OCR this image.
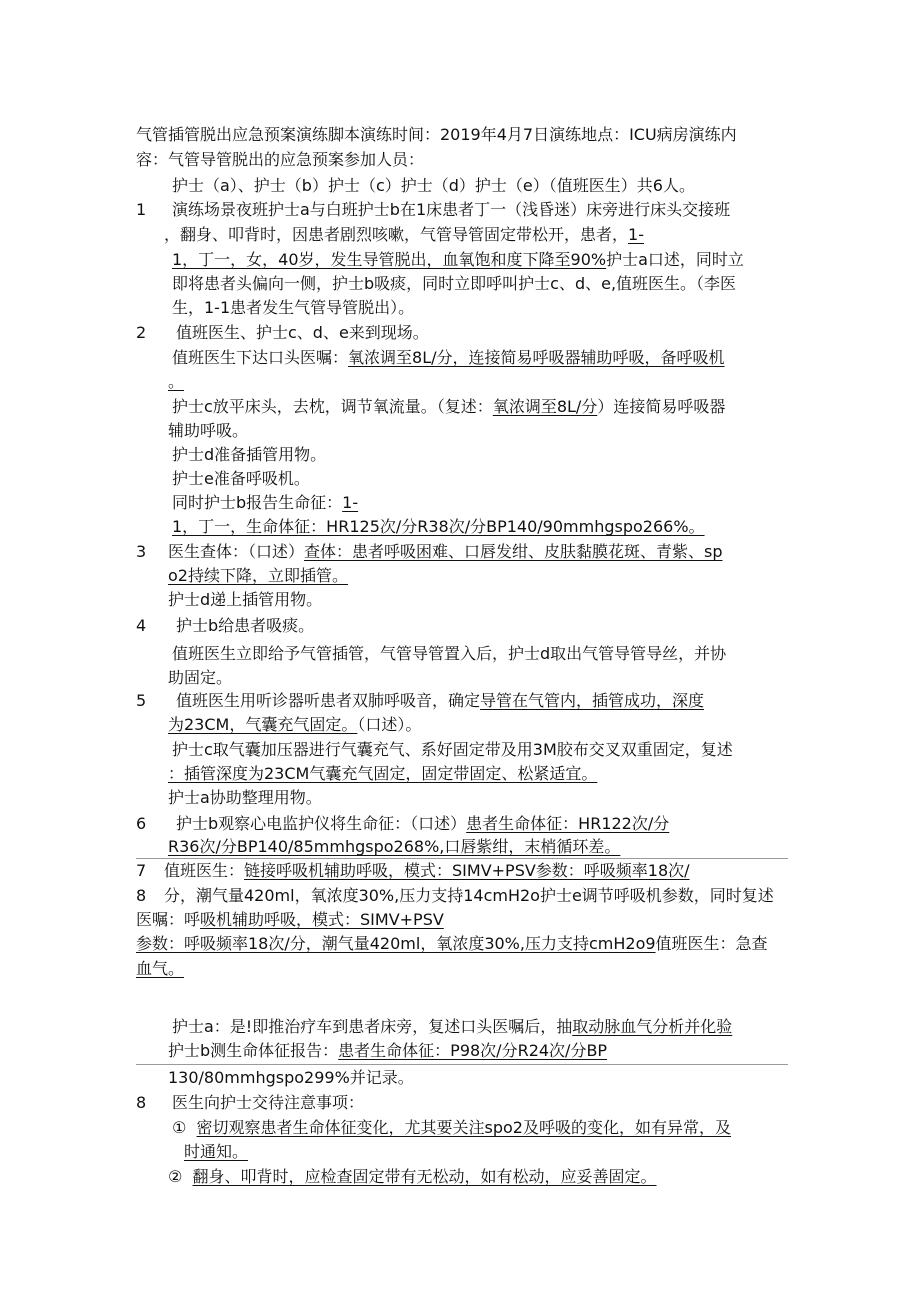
气管插管脱出应急预案演练脚本演练时间：2019年4月7日演练地点：ICU病房演练内
容：气管导管脱出的应急预案参加人员：
护士（a）、护士（b）护士（c）护士（d）护士（e）（值班医生）共6人。
1 演练场景夜班护士a与白班护士b在1床患者丁一（浅昏迷）床旁进行床头交接班
，翻身、叩背时，因患者剧烈咳嗽，气管导管固定带松开，患者，1-
1，丁一，女，40岁，发生导管脱出，血氧饱和度下降至90%护士a口述，同时立
即将患者头偏向一侧，护士b吸痰，同时立即呼叫护士c、d、e,值班医生。（李医
生，1-1患者发生气管导管脱出）。
2 值班医生、护士c、d、e来到现场。
值班医生下达口头医嘱：氧浓调至8L/分，连接简易呼吸器辅助呼吸，备呼吸机
。
护士c放平床头，去枕，调节氧流量。（复述：氧浓调至8L/分）连接简易呼吸器
辅助呼吸。
护士d准备插管用物。
护士e准备呼吸机。
同时护士b报告生命征：1-
1，丁一，生命体征：HR125次∕分R38次/分BP140/90mmhgspo266%。
3 医生查体：（口述）查体：患者呼吸困难、口唇发绀、皮肤黏膜花斑、青紫、sp
o2持续下降，立即插管。
护士d递上插管用物。
4 护士b给患者吸痰。
值班医生立即给予气管插管，气管导管置入后，护士d取出气管导管导丝，并协
助固定。
5 值班医生用听诊器听患者双肺呼吸音，确定导管在气管内，插管成功，深度
为23CM，气囊充气固定。（口述）。
护士c取气囊加压器进行气囊充气、系好固定带及用3M胶布交叉双重固定，复述
：插管深度为23CM气囊充气固定，固定带固定、松紧适宜。
护士a协助整理用物。
6 护士b观察心电监护仪将生命征：（口述）患者生命体征：HR122次∕分
R36次/分BP140/85mmhgspo268%,口唇紫绀，末梢循环差。
7 值班医生：链接呼吸机辅助呼吸，模式：SIMV+PSV参数：呼吸频率18次∕
8 分，潮气量420ml，氧浓度30%,压力支持14cmH2o护士e调节呼吸机参数，同时复述
医嘱：呼吸机辅助呼吸，模式：SIMV+PSV
参数：呼吸频率18次/分，潮气量420ml，氧浓度30%,压力支持cmH2o9值班医生：急查
血气。
护士a：是!即推治疗车到患者床旁，复述口头医嘱后，抽取动脉血气分析并化验
护士b测生命体征报告：患者生命体征：P98次∕分R24次∕分BP
130/80mmhgspo299%并记录。
8 医生向护士交待注意事项：
① 密切观察患者生命体征变化，尤其要关注spo2及呼吸的变化，如有异常，及
时通知。
② 翻身、叩背时，应检查固定带有无松动，如有松动，应妥善固定。
